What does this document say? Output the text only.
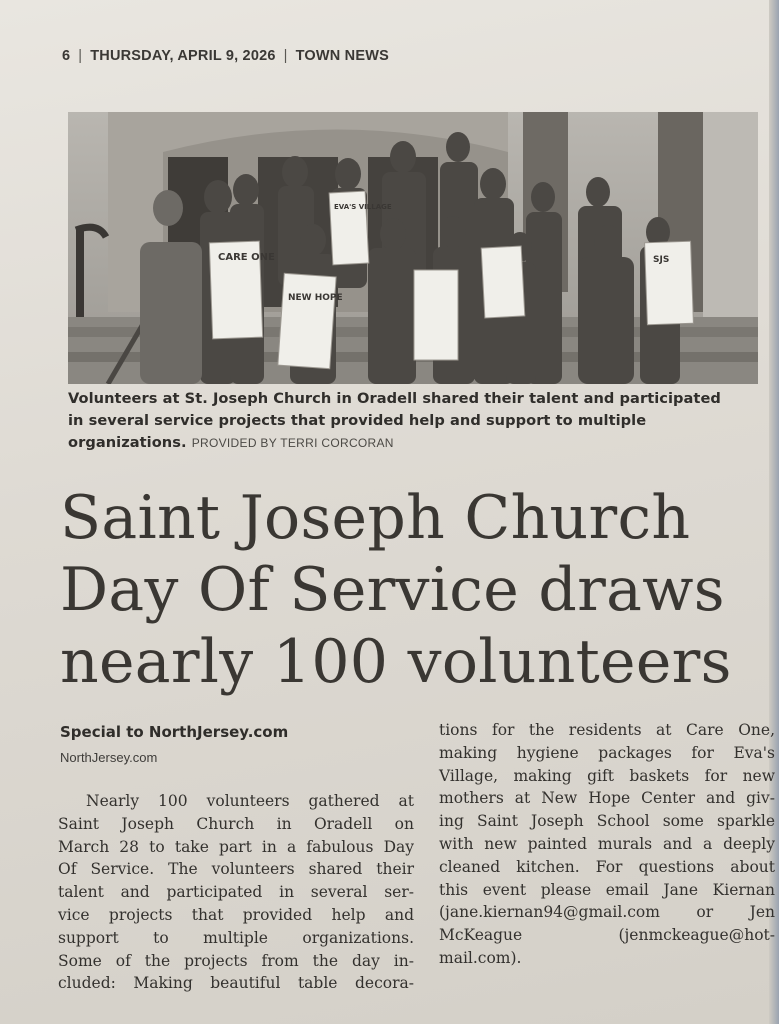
6 | THURSDAY, APRIL 9, 2026 | TOWN NEWS
CARE ONE
EVA'S VILLAGE
NEW HOPE
SJS
Volunteers at St. Joseph Church in Oradell shared their talent and participated
in several service projects that provided help and support to multiple
organizations. PROVIDED BY TERRI CORCORAN
Saint Joseph Church
Day Of Service draws
nearly 100 volunteers
Special to NorthJersey.com
NorthJersey.com
Nearly 100 volunteers gathered at
Saint Joseph Church in Oradell on
March 28 to take part in a fabulous Day
Of Service. The volunteers shared their
talent and participated in several ser-
vice projects that provided help and
support to multiple organizations.
Some of the projects from the day in-
cluded: Making beautiful table decora-
tions for the residents at Care One,
making hygiene packages for Eva's
Village, making gift baskets for new
mothers at New Hope Center and giv-
ing Saint Joseph School some sparkle
with new painted murals and a deeply
cleaned kitchen. For questions about
this event please email Jane Kiernan
(jane.kiernan94@gmail.com or Jen
McKeague (jenmckeague@hot-
mail.com).
